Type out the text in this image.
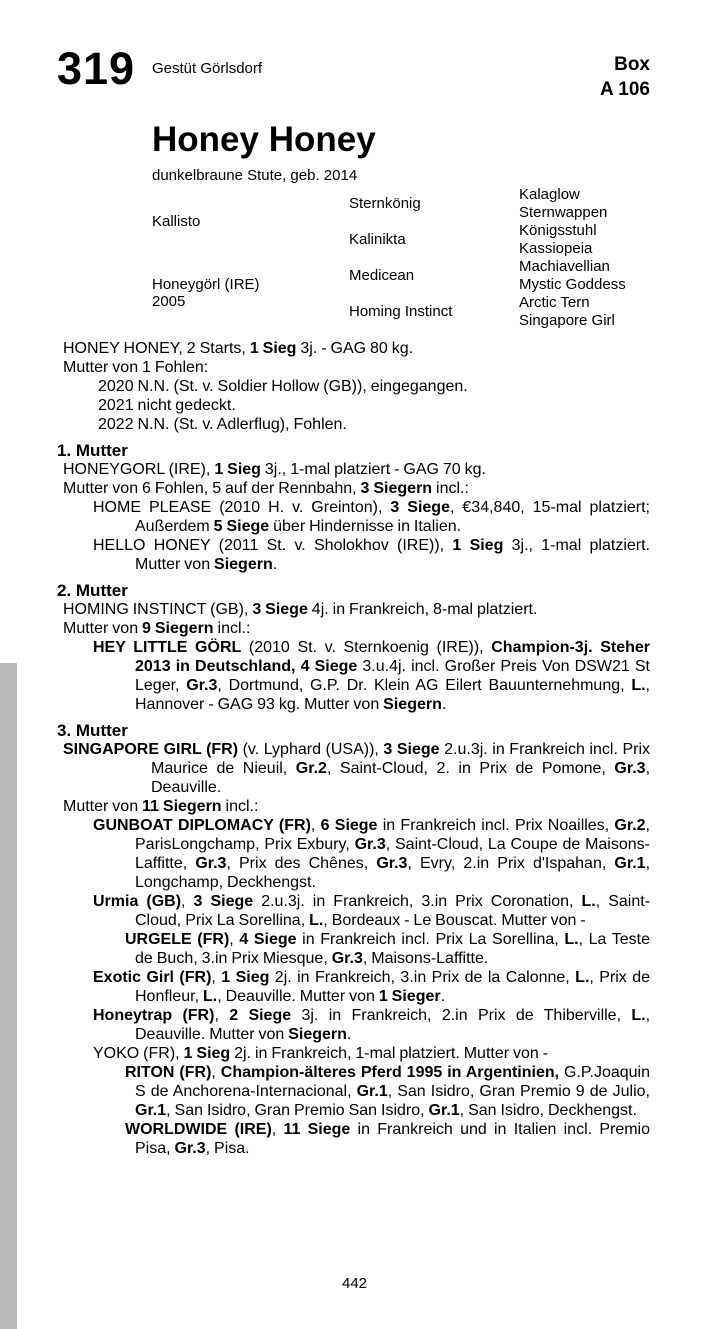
319 Gestüt Görlsdorf	Box
A 106
Honey Honey
dunkelbraune Stute, geb. 2014
Kallisto
Honeygörl (IRE)
2005
Sternkönig
Kalinikta
Medicean
Homing Instinct
Kalaglow
Sternwappen
Königsstuhl
Kassiopeia
Machiavellian
Mystic Goddess
Arctic Tern
Singapore Girl
HONEY HONEY, 2 Starts, 1 Sieg 3j. - GAG 80 kg.
Mutter von 1 Fohlen:
2020 N.N. (St. v. Soldier Hollow (GB)), eingegangen.
2021 nicht gedeckt.
2022 N.N. (St. v. Adlerflug), Fohlen.
1. Mutter
HONEYGORL (IRE), 1 Sieg 3j., 1-mal platziert - GAG 70 kg.
Mutter von 6 Fohlen, 5 auf der Rennbahn, 3 Siegern incl.:
HOME PLEASE (2010 H. v. Greinton), 3 Siege, €34,840, 15-mal platziert; Außerdem 5 Siege über Hindernisse in Italien.
HELLO HONEY (2011 St. v. Sholokhov (IRE)), 1 Sieg 3j., 1-mal platziert. Mutter von Siegern.
2. Mutter
HOMING INSTINCT (GB), 3 Siege 4j. in Frankreich, 8-mal platziert.
Mutter von 9 Siegern incl.:
HEY LITTLE GÖRL (2010 St. v. Sternkoenig (IRE)), Champion-3j. Steher 2013 in Deutschland, 4 Siege 3.u.4j. incl. Großer Preis Von DSW21 St Leger, Gr.3, Dortmund, G.P. Dr. Klein AG Eilert Bauunternehmung, L., Hannover - GAG 93 kg. Mutter von Siegern.
3. Mutter
SINGAPORE GIRL (FR) (v. Lyphard (USA)), 3 Siege 2.u.3j. in Frankreich incl. Prix Maurice de Nieuil, Gr.2, Saint-Cloud, 2. in Prix de Pomone, Gr.3, Deauville.
Mutter von 11 Siegern incl.:
GUNBOAT DIPLOMACY (FR), 6 Siege in Frankreich incl. Prix Noailles, Gr.2, ParisLongchamp, Prix Exbury, Gr.3, Saint-Cloud, La Coupe de Maisons-Laffitte, Gr.3, Prix des Chênes, Gr.3, Evry, 2.in Prix d'Ispahan, Gr.1, Longchamp, Deckhengst.
Urmia (GB), 3 Siege 2.u.3j. in Frankreich, 3.in Prix Coronation, L., Saint-Cloud, Prix La Sorellina, L., Bordeaux - Le Bouscat. Mutter von -
URGELE (FR), 4 Siege in Frankreich incl. Prix La Sorellina, L., La Teste de Buch, 3.in Prix Miesque, Gr.3, Maisons-Laffitte.
Exotic Girl (FR), 1 Sieg 2j. in Frankreich, 3.in Prix de la Calonne, L., Prix de Honfleur, L., Deauville. Mutter von 1 Sieger.
Honeytrap (FR), 2 Siege 3j. in Frankreich, 2.in Prix de Thiberville, L., Deauville. Mutter von Siegern.
YOKO (FR), 1 Sieg 2j. in Frankreich, 1-mal platziert. Mutter von -
RITON (FR), Champion-älteres Pferd 1995 in Argentinien, G.P.Joaquin S de Anchorena-Internacional, Gr.1, San Isidro, Gran Premio 9 de Julio, Gr.1, San Isidro, Gran Premio San Isidro, Gr.1, San Isidro, Deckhengst.
WORLDWIDE (IRE), 11 Siege in Frankreich und in Italien incl. Premio Pisa, Gr.3, Pisa.
442
